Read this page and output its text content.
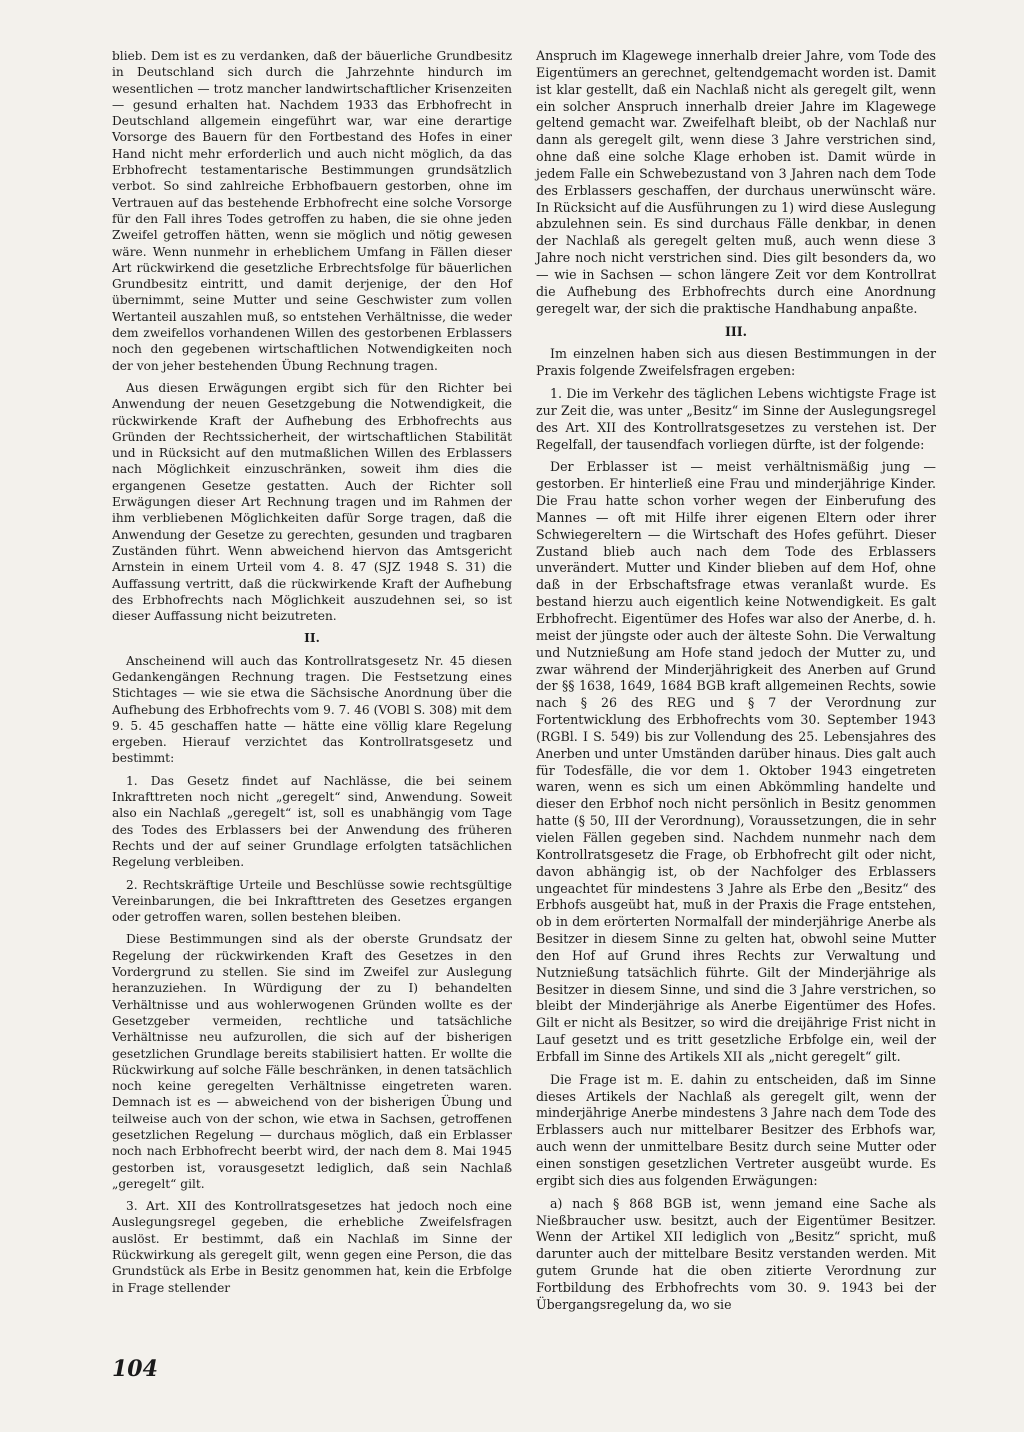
blieb. Dem ist es zu verdanken, daß der bäuerliche Grundbesitz in Deutschland sich durch die Jahrzehnte hindurch im wesentlichen — trotz mancher landwirtschaftlicher Krisenzeiten — gesund erhalten hat. Nachdem 1933 das Erbhofrecht in Deutschland allgemein eingeführt war, war eine derartige Vorsorge des Bauern für den Fortbestand des Hofes in einer Hand nicht mehr erforderlich und auch nicht möglich, da das Erbhofrecht testamentarische Bestimmungen grundsätzlich verbot. So sind zahlreiche Erbhofbauern gestorben, ohne im Vertrauen auf das bestehende Erbhofrecht eine solche Vorsorge für den Fall ihres Todes getroffen zu haben, die sie ohne jeden Zweifel getroffen hätten, wenn sie möglich und nötig gewesen wäre. Wenn nunmehr in erheblichem Umfang in Fällen dieser Art rückwirkend die gesetzliche Erbrechtsfolge für bäuerlichen Grundbesitz eintritt, und damit derjenige, der den Hof übernimmt, seine Mutter und seine Geschwister zum vollen Wertanteil auszahlen muß, so entstehen Verhältnisse, die weder dem zweifellos vorhandenen Willen des gestorbenen Erblassers noch den gegebenen wirtschaftlichen Notwendigkeiten noch der von jeher bestehenden Übung Rechnung tragen.

Aus diesen Erwägungen ergibt sich für den Richter bei Anwendung der neuen Gesetzgebung die Notwendigkeit, die rückwirkende Kraft der Aufhebung des Erbhofrechts aus Gründen der Rechtssicherheit, der wirtschaftlichen Stabilität und in Rücksicht auf den mutmaßlichen Willen des Erblassers nach Möglichkeit einzuschränken, soweit ihm dies die ergangenen Gesetze gestatten. Auch der Richter soll Erwägungen dieser Art Rechnung tragen und im Rahmen der ihm verbliebenen Möglichkeiten dafür Sorge tragen, daß die Anwendung der Gesetze zu gerechten, gesunden und tragbaren Zuständen führt. Wenn abweichend hiervon das Amtsgericht Arnstein in einem Urteil vom 4. 8. 47 (SJZ 1948 S. 31) die Auffassung vertritt, daß die rückwirkende Kraft der Aufhebung des Erbhofrechts nach Möglichkeit auszudehnen sei, so ist dieser Auffassung nicht beizutreten.

II.

Anscheinend will auch das Kontrollratsgesetz Nr. 45 diesen Gedankengängen Rechnung tragen. Die Festsetzung eines Stichtages — wie sie etwa die Sächsische Anordnung über die Aufhebung des Erbhofrechts vom 9. 7. 46 (VOBl S. 308) mit dem 9. 5. 45 geschaffen hatte — hätte eine völlig klare Regelung ergeben. Hierauf verzichtet das Kontrollratsgesetz und bestimmt:

1. Das Gesetz findet auf Nachlässe, die bei seinem Inkrafttreten noch nicht „geregelt“ sind, Anwendung. Soweit also ein Nachlaß „geregelt“ ist, soll es unabhängig vom Tage des Todes des Erblassers bei der Anwendung des früheren Rechts und der auf seiner Grundlage erfolgten tatsächlichen Regelung verbleiben.

2. Rechtskräftige Urteile und Beschlüsse sowie rechtsgültige Vereinbarungen, die bei Inkrafttreten des Gesetzes ergangen oder getroffen waren, sollen bestehen bleiben.

Diese Bestimmungen sind als der oberste Grundsatz der Regelung der rückwirkenden Kraft des Gesetzes in den Vordergrund zu stellen. Sie sind im Zweifel zur Auslegung heranzuziehen. In Würdigung der zu I) behandelten Verhältnisse und aus wohlerwogenen Gründen wollte es der Gesetzgeber vermeiden, rechtliche und tatsächliche Verhältnisse neu aufzurollen, die sich auf der bisherigen gesetzlichen Grundlage bereits stabilisiert hatten. Er wollte die Rückwirkung auf solche Fälle beschränken, in denen tatsächlich noch keine geregelten Verhältnisse eingetreten waren. Demnach ist es — abweichend von der bisherigen Übung und teilweise auch von der schon, wie etwa in Sachsen, getroffenen gesetzlichen Regelung — durchaus möglich, daß ein Erblasser noch nach Erbhofrecht beerbt wird, der nach dem 8. Mai 1945 gestorben ist, vorausgesetzt lediglich, daß sein Nachlaß „geregelt“ gilt.

3. Art. XII des Kontrollratsgesetzes hat jedoch noch eine Auslegungsregel gegeben, die erhebliche Zweifelsfragen auslöst. Er bestimmt, daß ein Nachlaß im Sinne der Rückwirkung als geregelt gilt, wenn gegen eine Person, die das Grundstück als Erbe in Besitz genommen hat, kein die Erbfolge in Frage stellender

Anspruch im Klagewege innerhalb dreier Jahre, vom Tode des Eigentümers an gerechnet, geltendgemacht worden ist. Damit ist klar gestellt, daß ein Nachlaß nicht als geregelt gilt, wenn ein solcher Anspruch innerhalb dreier Jahre im Klagewege geltend gemacht war. Zweifelhaft bleibt, ob der Nachlaß nur dann als geregelt gilt, wenn diese 3 Jahre verstrichen sind, ohne daß eine solche Klage erhoben ist. Damit würde in jedem Falle ein Schwebezustand von 3 Jahren nach dem Tode des Erblassers geschaffen, der durchaus unerwünscht wäre. In Rücksicht auf die Ausführungen zu 1) wird diese Auslegung abzulehnen sein. Es sind durchaus Fälle denkbar, in denen der Nachlaß als geregelt gelten muß, auch wenn diese 3 Jahre noch nicht verstrichen sind. Dies gilt besonders da, wo — wie in Sachsen — schon längere Zeit vor dem Kontrollrat die Aufhebung des Erbhofrechts durch eine Anordnung geregelt war, der sich die praktische Handhabung anpaßte.

III.

Im einzelnen haben sich aus diesen Bestimmungen in der Praxis folgende Zweifelsfragen ergeben:

1. Die im Verkehr des täglichen Lebens wichtigste Frage ist zur Zeit die, was unter „Besitz“ im Sinne der Auslegungsregel des Art. XII des Kontrollratsgesetzes zu verstehen ist. Der Regelfall, der tausendfach vorliegen dürfte, ist der folgende:

Der Erblasser ist — meist verhältnismäßig jung — gestorben. Er hinterließ eine Frau und minderjährige Kinder. Die Frau hatte schon vorher wegen der Einberufung des Mannes — oft mit Hilfe ihrer eigenen Eltern oder ihrer Schwiegereltern — die Wirtschaft des Hofes geführt. Dieser Zustand blieb auch nach dem Tode des Erblassers unverändert. Mutter und Kinder blieben auf dem Hof, ohne daß in der Erbschaftsfrage etwas veranlaßt wurde. Es bestand hierzu auch eigentlich keine Notwendigkeit. Es galt Erbhofrecht. Eigentümer des Hofes war also der Anerbe, d. h. meist der jüngste oder auch der älteste Sohn. Die Verwaltung und Nutznießung am Hofe stand jedoch der Mutter zu, und zwar während der Minderjährigkeit des Anerben auf Grund der §§ 1638, 1649, 1684 BGB kraft allgemeinen Rechts, sowie nach § 26 des REG und § 7 der Verordnung zur Fortentwicklung des Erbhofrechts vom 30. September 1943 (RGBl. I S. 549) bis zur Vollendung des 25. Lebensjahres des Anerben und unter Umständen darüber hinaus. Dies galt auch für Todesfälle, die vor dem 1. Oktober 1943 eingetreten waren, wenn es sich um einen Abkömmling handelte und dieser den Erbhof noch nicht persönlich in Besitz genommen hatte (§ 50, III der Verordnung), Voraussetzungen, die in sehr vielen Fällen gegeben sind. Nachdem nunmehr nach dem Kontrollratsgesetz die Frage, ob Erbhofrecht gilt oder nicht, davon abhängig ist, ob der Nachfolger des Erblassers ungeachtet für mindestens 3 Jahre als Erbe den „Besitz“ des Erbhofs ausgeübt hat, muß in der Praxis die Frage entstehen, ob in dem erörterten Normalfall der minderjährige Anerbe als Besitzer in diesem Sinne zu gelten hat, obwohl seine Mutter den Hof auf Grund ihres Rechts zur Verwaltung und Nutznießung tatsächlich führte. Gilt der Minderjährige als Besitzer in diesem Sinne, und sind die 3 Jahre verstrichen, so bleibt der Minderjährige als Anerbe Eigentümer des Hofes. Gilt er nicht als Besitzer, so wird die dreijährige Frist nicht in Lauf gesetzt und es tritt gesetzliche Erbfolge ein, weil der Erbfall im Sinne des Artikels XII als „nicht geregelt“ gilt.

Die Frage ist m. E. dahin zu entscheiden, daß im Sinne dieses Artikels der Nachlaß als geregelt gilt, wenn der minderjährige Anerbe mindestens 3 Jahre nach dem Tode des Erblassers auch nur mittelbarer Besitzer des Erbhofs war, auch wenn der unmittelbare Besitz durch seine Mutter oder einen sonstigen gesetzlichen Vertreter ausgeübt wurde. Es ergibt sich dies aus folgenden Erwägungen:

a) nach § 868 BGB ist, wenn jemand eine Sache als Nießbraucher usw. besitzt, auch der Eigentümer Besitzer. Wenn der Artikel XII lediglich von „Besitz“ spricht, muß darunter auch der mittelbare Besitz verstanden werden. Mit gutem Grunde hat die oben zitierte Verordnung zur Fortbildung des Erbhofrechts vom 30. 9. 1943 bei der Übergangsregelung da, wo sie

104
